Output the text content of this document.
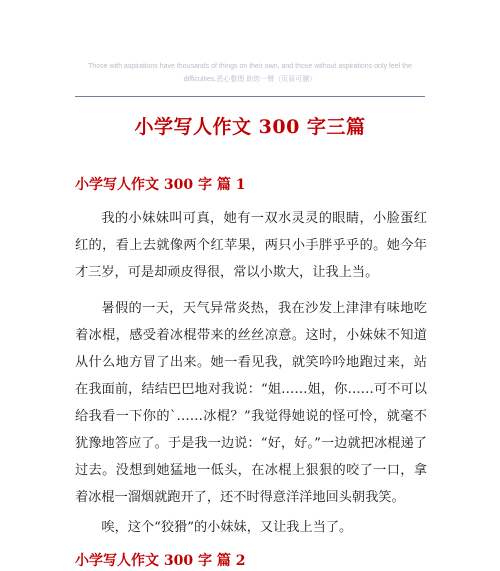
Those with aspirations have thousands of things on their own, and those without aspirations only feel the
difficulties.恶心整理 助您一臂（页眉可删）
小学写人作文 300 字三篇
小学写人作文 300 字 篇 1

我的小妹妹叫可真，她有一双水灵灵的眼睛，小脸蛋红红的，看上去就像两个红苹果，两只小手胖乎乎的。她今年才三岁，可是却顽皮得很，常以小欺大，让我上当。

暑假的一天，天气异常炎热，我在沙发上津津有味地吃着冰棍，感受着冰棍带来的丝丝凉意。这时，小妹妹不知道从什么地方冒了出来。她一看见我，就笑吟吟地跑过来，站在我面前，结结巴巴地对我说：“姐……姐，你……可不可以给我看一下你的`……冰棍？”我觉得她说的怪可怜，就毫不犹豫地答应了。于是我一边说：“好，好。”一边就把冰棍递了过去。没想到她猛地一低头，在冰棍上狠狠的咬了一口，拿着冰棍一溜烟就跑开了，还不时得意洋洋地回头朝我笑。

唉，这个“狡猾”的小妹妹，又让我上当了。

小学写人作文 300 字 篇 2
